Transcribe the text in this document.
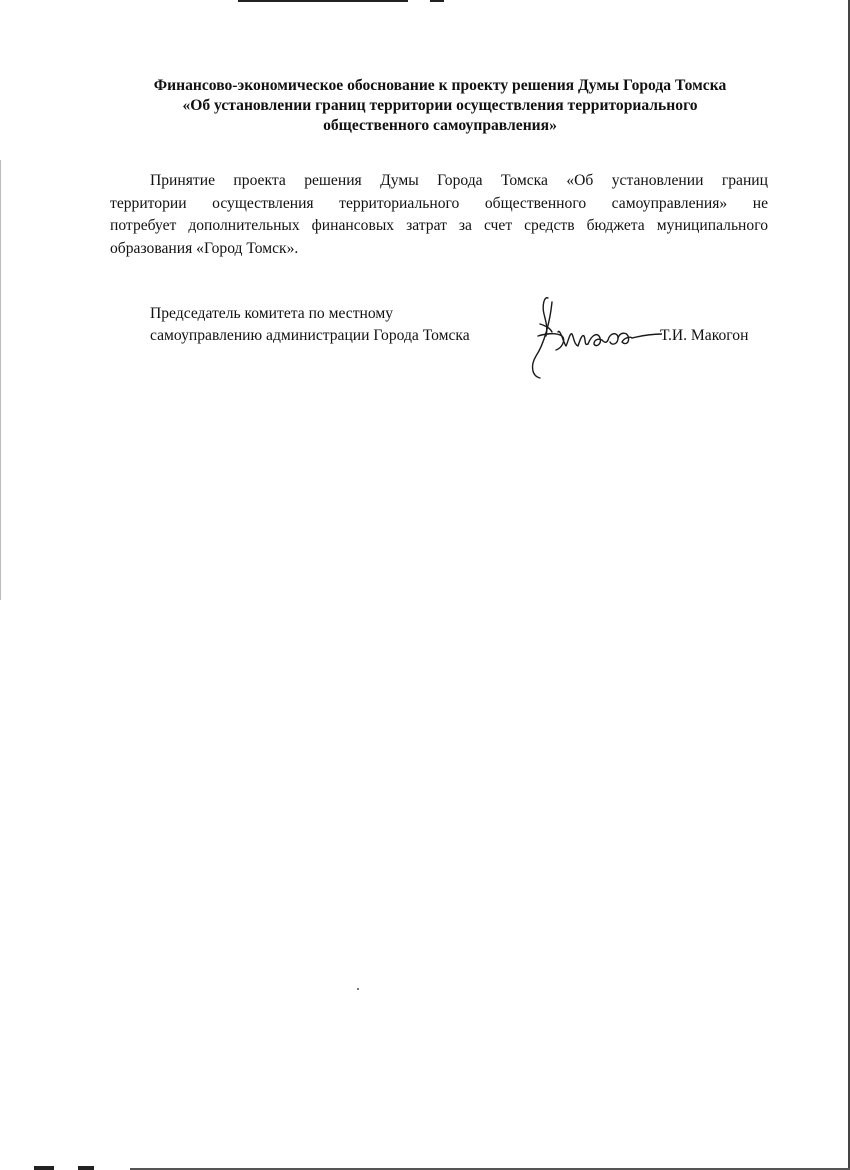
Финансово-экономическое обоснование к проекту решения Думы Города Томска
«Об установлении границ территории осуществления территориального
общественного самоуправления»
Принятие проекта решения Думы Города Томска «Об установлении границ
территории осуществления территориального общественного самоуправления» не
потребует дополнительных финансовых затрат за счет средств бюджета муниципального
образования «Город Томск».
Председатель комитета по местному
самоуправлению администрации Города Томска	Т.И. Макогон
